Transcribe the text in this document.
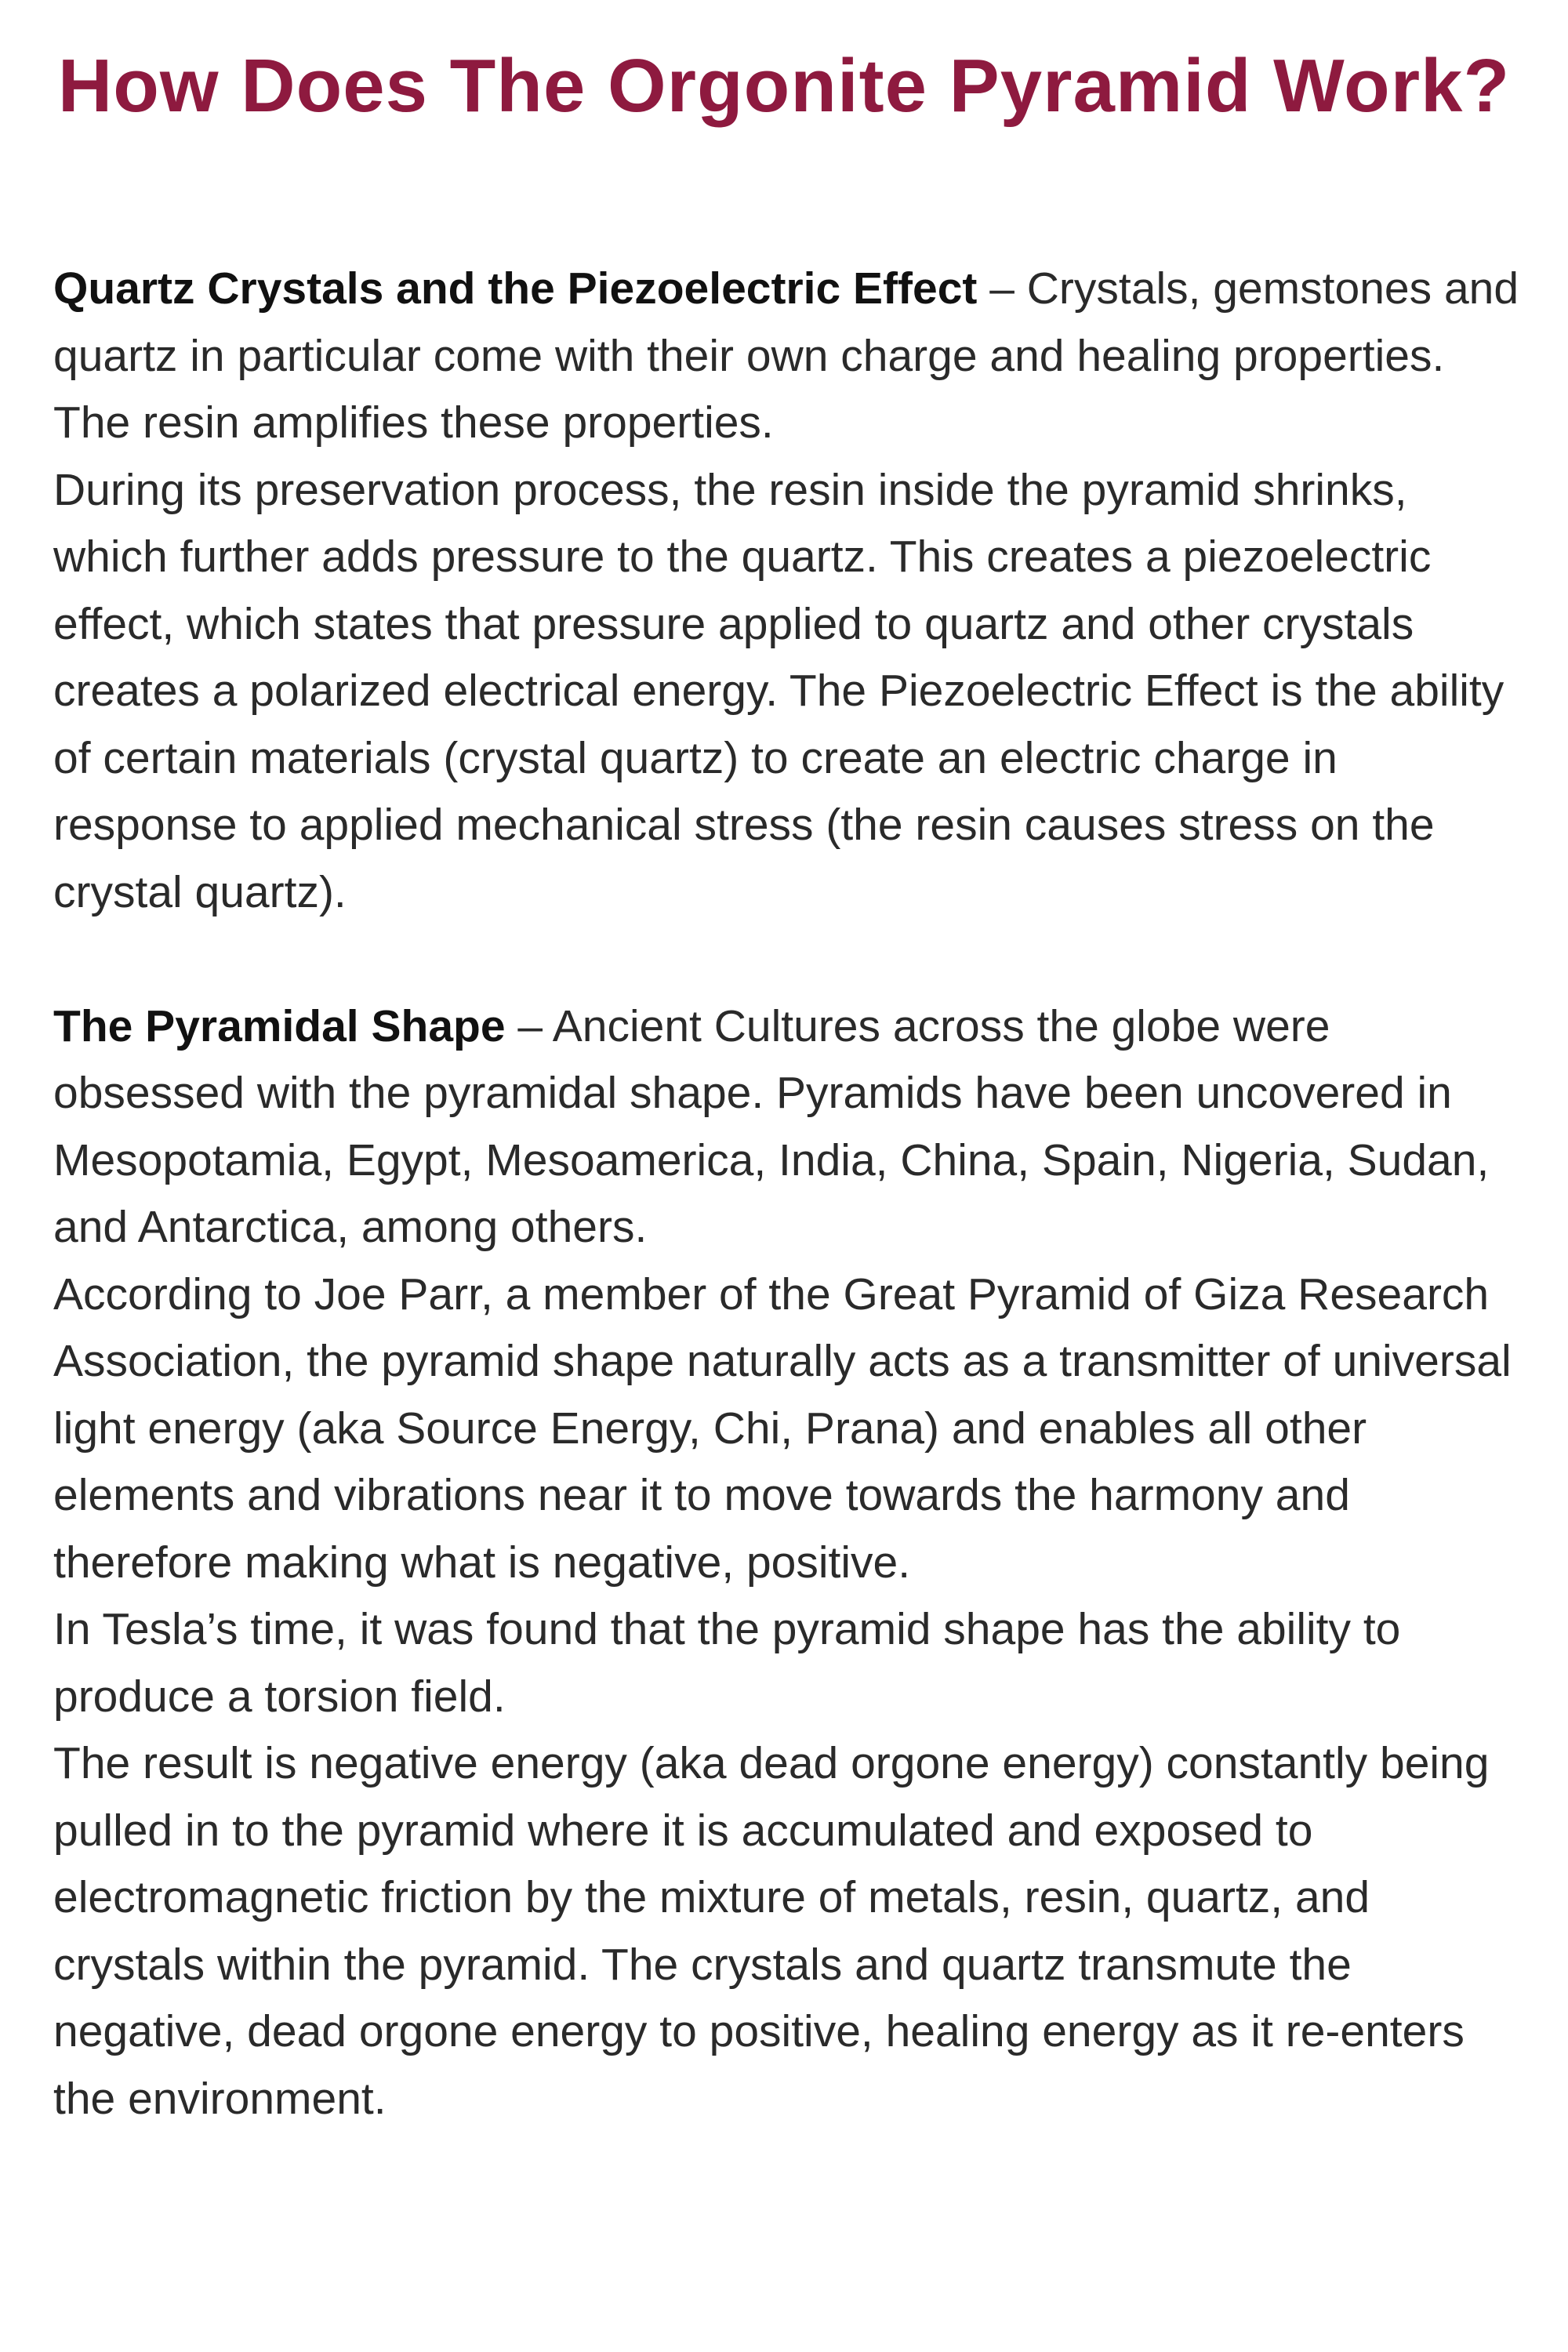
How Does The Orgonite Pyramid Work?

Quartz Crystals and the Piezoelectric Effect – Crystals, gemstones and quartz in particular come with their own charge and healing properties. The resin amplifies these properties.

During its preservation process, the resin inside the pyramid shrinks, which further adds pressure to the quartz. This creates a piezoelectric effect, which states that pressure applied to quartz and other crystals creates a polarized electrical energy. The Piezoelectric Effect is the ability of certain materials (crystal quartz) to create an electric charge in response to applied mechanical stress (the resin causes stress on the crystal quartz).

The Pyramidal Shape – Ancient Cultures across the globe were obsessed with the pyramidal shape. Pyramids have been uncovered in Mesopotamia, Egypt, Mesoamerica, India, China, Spain, Nigeria, Sudan, and Antarctica, among others.

According to Joe Parr, a member of the Great Pyramid of Giza Research Association, the pyramid shape naturally acts as a transmitter of universal light energy (aka Source Energy, Chi, Prana) and enables all other elements and vibrations near it to move towards the harmony and therefore making what is negative, positive.

In Tesla’s time, it was found that the pyramid shape has the ability to produce a torsion field.

The result is negative energy (aka dead orgone energy) constantly being pulled in to the pyramid where it is accumulated and exposed to electromagnetic friction by the mixture of metals, resin, quartz, and crystals within the pyramid. The crystals and quartz transmute the negative, dead orgone energy to positive, healing energy as it re-enters the environment.
